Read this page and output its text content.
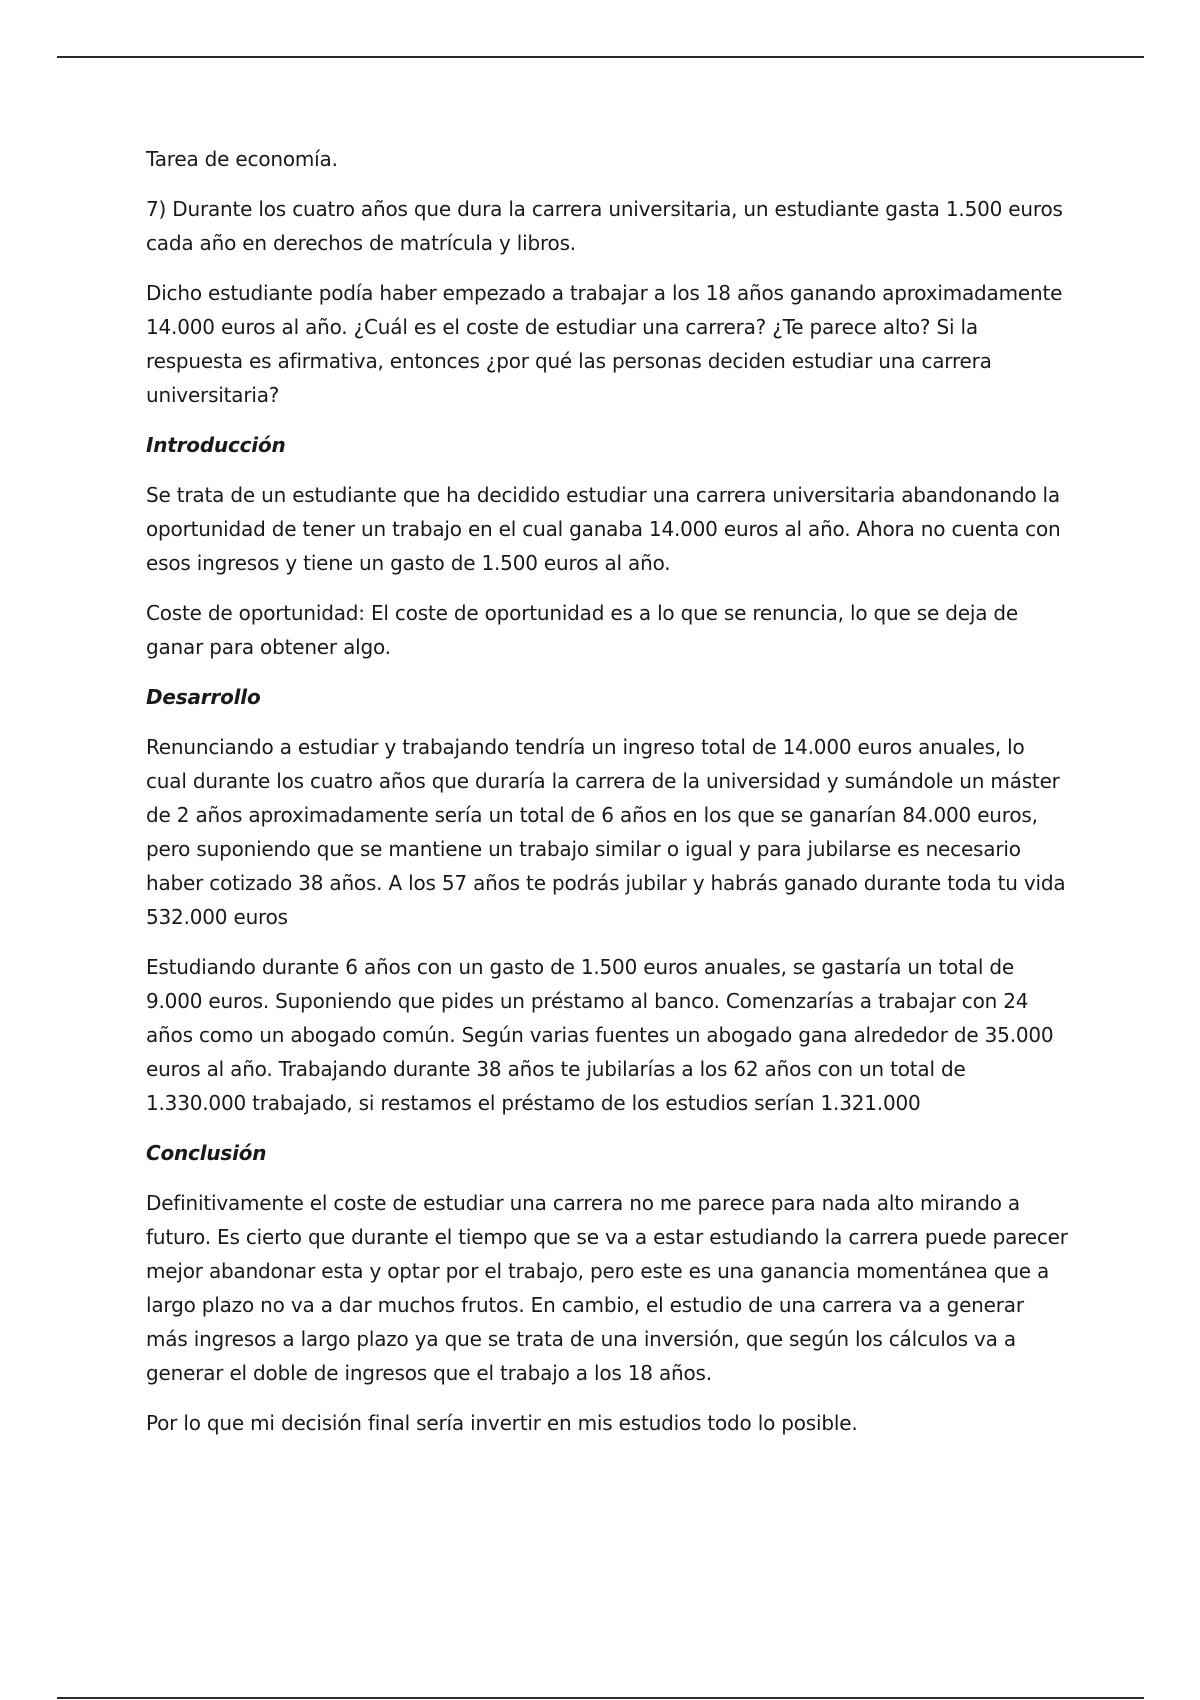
Tarea de economía.

7) Durante los cuatro años que dura la carrera universitaria, un estudiante gasta 1.500 euros cada año en derechos de matrícula y libros.

Dicho estudiante podía haber empezado a trabajar a los 18 años ganando aproximadamente 14.000 euros al año. ¿Cuál es el coste de estudiar una carrera? ¿Te parece alto? Si la respuesta es afirmativa, entonces ¿por qué las personas deciden estudiar una carrera universitaria?

Introducción

Se trata de un estudiante que ha decidido estudiar una carrera universitaria abandonando la oportunidad de tener un trabajo en el cual ganaba 14.000 euros al año. Ahora no cuenta con esos ingresos y tiene un gasto de 1.500 euros al año.

Coste de oportunidad: El coste de oportunidad es a lo que se renuncia, lo que se deja de ganar para obtener algo.

Desarrollo

Renunciando a estudiar y trabajando tendría un ingreso total de 14.000 euros anuales, lo cual durante los cuatro años que duraría la carrera de la universidad y sumándole un máster de 2 años aproximadamente sería un total de 6 años en los que se ganarían 84.000 euros, pero suponiendo que se mantiene un trabajo similar o igual y para jubilarse es necesario haber cotizado 38 años. A los 57 años te podrás jubilar y habrás ganado durante toda tu vida 532.000 euros

Estudiando durante 6 años con un gasto de 1.500 euros anuales, se gastaría un total de 9.000 euros. Suponiendo que pides un préstamo al banco. Comenzarías a trabajar con 24 años como un abogado común. Según varias fuentes un abogado gana alrededor de 35.000 euros al año. Trabajando durante 38 años te jubilarías a los 62 años con un total de 1.330.000 trabajado, si restamos el préstamo de los estudios serían 1.321.000

Conclusión

Definitivamente el coste de estudiar una carrera no me parece para nada alto mirando a futuro. Es cierto que durante el tiempo que se va a estar estudiando la carrera puede parecer mejor abandonar esta y optar por el trabajo, pero este es una ganancia momentánea que a largo plazo no va a dar muchos frutos. En cambio, el estudio de una carrera va a generar más ingresos a largo plazo ya que se trata de una inversión, que según los cálculos va a generar el doble de ingresos que el trabajo a los 18 años.

Por lo que mi decisión final sería invertir en mis estudios todo lo posible.
